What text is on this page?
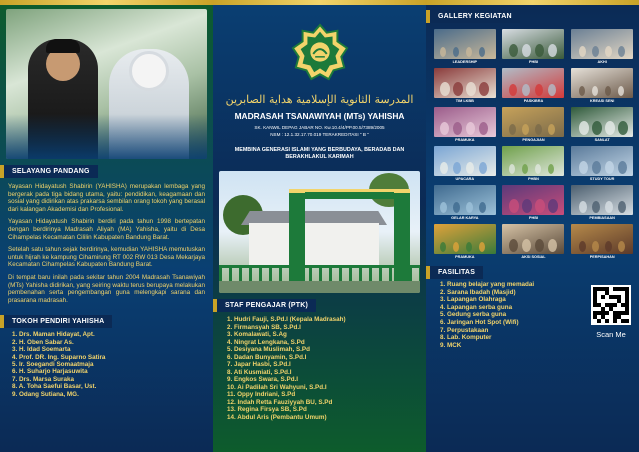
SELAYANG PANDANG

Yayasan Hidayatush Shabirin (YAHISHA) merupakan lembaga yang bergerak pada tiga bidang utama, yaitu: pendidikan, keagamaan dan sosial yang didirikan atas prakarsa sembilan orang tokoh yang berasal dari kalangan Akademisi dan Profesional.

Yayasan Hidayatush Shabirin berdiri pada tahun 1998 bertepatan dengan berdirinya Madrasah Aliyah (MA) Yahisha, yaitu di Desa Cihampelas Kecamatan Cililin Kabupaten Bandung Barat.

Setelah satu tahun sejak berdirinya, kemudian YAHISHA memutuskan untuk hijrah ke kampung Cihamirung RT 002 RW 013 Desa Mekarjaya Kecamatan Cihampelas Kabupaten Bandung Barat.

Di tempat baru inilah pada sekitar tahun 2004 Madrasah Tsanawiyah (MTs) Yahisha didirikan, yang seiring waktu terus berupaya melakukan pembenahan serta pengembangan guna melengkapi sarana dan prasarana madrasah.

TOKOH PENDIRI YAHISHA
1. Drs. Maman Hidayat, Apt.
2. H. Oben Sabar As.
3. H. Idad Soemarta
4. Prof. DR. Ing. Suparno Satira
5. Ir. Soegandi Somaatmaja
6. H. Suharjo Harjasuwita
7. Drs. Marsa Suraka
8. A. Toha Saefui Basar, Ust.
9. Odang Sutiana, MG.
المدرسة الثانوية الإسلامية هداية الصابرين
MADRASAH TSANAWIYAH (MTs) YAHISHA
SK. KANWIL DEPAG JABAR NO. Kw.10.4/4/PP.00.5/7389/2005
NSM : 12.1.32.17.70.019 TERAKREDITASI " B "
MEMBINA GENERASI ISLAMI YANG BERBUDAYA, BERADAB DAN BERAKHLAKUL KARIMAH
STAF PENGAJAR (PTK)
1. Hudri Fauji, S.Pd.I (Kepala Madrasah)
2. Firmansyah SB, S.Pd.I
3. Komalawati, S.Ag
4. Ningrat Lengkana, S.Pd
5. Desiyana Muslimah, S.Pd
6. Dadan Bunyamin, S.Pd.I
7. Japar Hasbi, S.Pd.I
8. Ati Kusmiati, S.Pd.I
9. Engkos Swara, S.Pd.I
10. Ai Padilah Sri Wahyuni, S.Pd.I
11. Oppy Indriani, S.Pd
12. Indah Retta Fauziyyah BU, S.Pd
13. Regina Firsya SB, S.Pd
14. Abdul Aris (Pembantu Umum)
GALLERY KEGIATAN
LEADERSHIP	PHBI	AKHI
TIM LKBB	PASKIBRA	KREASI SENI
PRAMUKA	PENGAJIAN	SANLAT
UPACARA	PHBN	STUDY TOUR
GELAR KARYA	PHBI	PEMBIASAAN
PRAMUKA	AKSI SOSIAL	PERPISAHAN
FASILITAS
1. Ruang belajar yang memadai
2. Sarana Ibadah (Masjid)
3. Lapangan Olahraga
4. Lapangan serba guna
5. Gedung serba guna
6. Jaringan Hot Spot (Wifi)
7. Perpustakaan
8. Lab. Komputer
9. MCK
Scan Me
